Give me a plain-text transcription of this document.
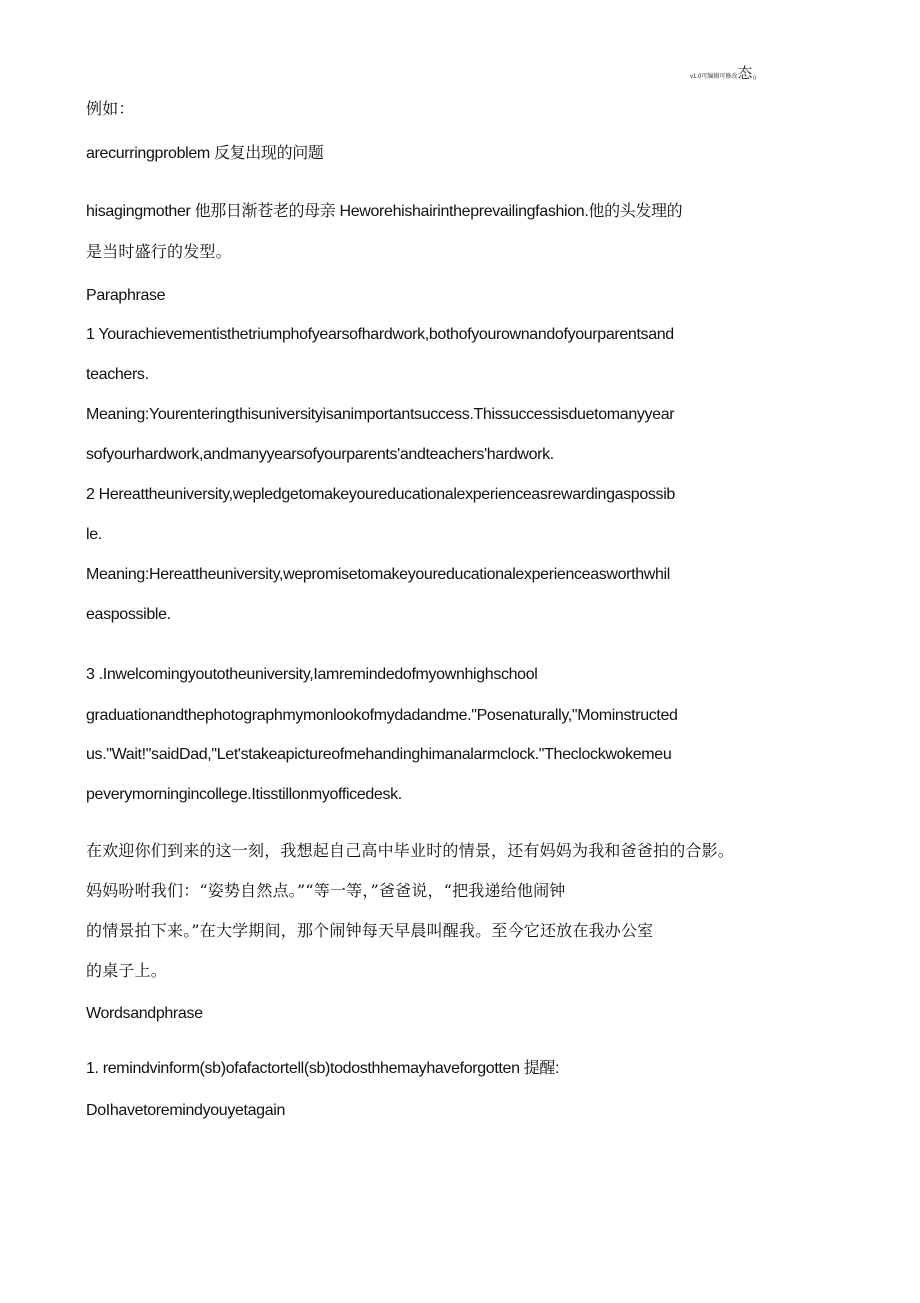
v1.0可编辑可修改态。
例如：
arecurringproblem 反复出现的问题
hisagingmother 他那日渐苍老的母亲 Heworehishairintheprevailingfashion.他的头发理的
是当时盛行的发型。
Paraphrase
1 Yourachievementisthetriumphofyearsofhardwork,bothofyourownandofyourparentsand
teachers.
Meaning:Yourenteringthisuniversityisanimportantsuccess.Thissuccessisduetomanyyear
sofyourhardwork,andmanyyearsofyourparents'andteachers'hardwork.
2 Hereattheuniversity,wepledgetomakeyoureducationalexperienceasrewardingaspossib
le.
Meaning:Hereattheuniversity,wepromisetomakeyoureducationalexperienceasworthwhil
easpossible.
3 .Inwelcomingyoutotheuniversity,Iamremindedofmyownhighschool
graduationandthephotographmymonlookofmydadandme."Posenaturally,"Mominstructed
us."Wait!"saidDad,"Let'stakeapictureofmehandinghimanalarmclock."Theclockwokemeu
peverymorningincollege.Itisstillonmyofficedesk.
在欢迎你们到来的这一刻，我想起自己高中毕业时的情景，还有妈妈为我和爸爸拍的合影。
妈妈吩咐我们：“姿势自然点。”“等一等，”爸爸说，“把我递给他闹钟
的情景拍下来。”在大学期间，那个闹钟每天早晨叫醒我。至今它还放在我办公室
的桌子上。
Wordsandphrase
1. remindvinform(sb)ofafactortell(sb)todosthhemayhaveforgotten 提醒:
DoIhavetoremindyouyetagain
